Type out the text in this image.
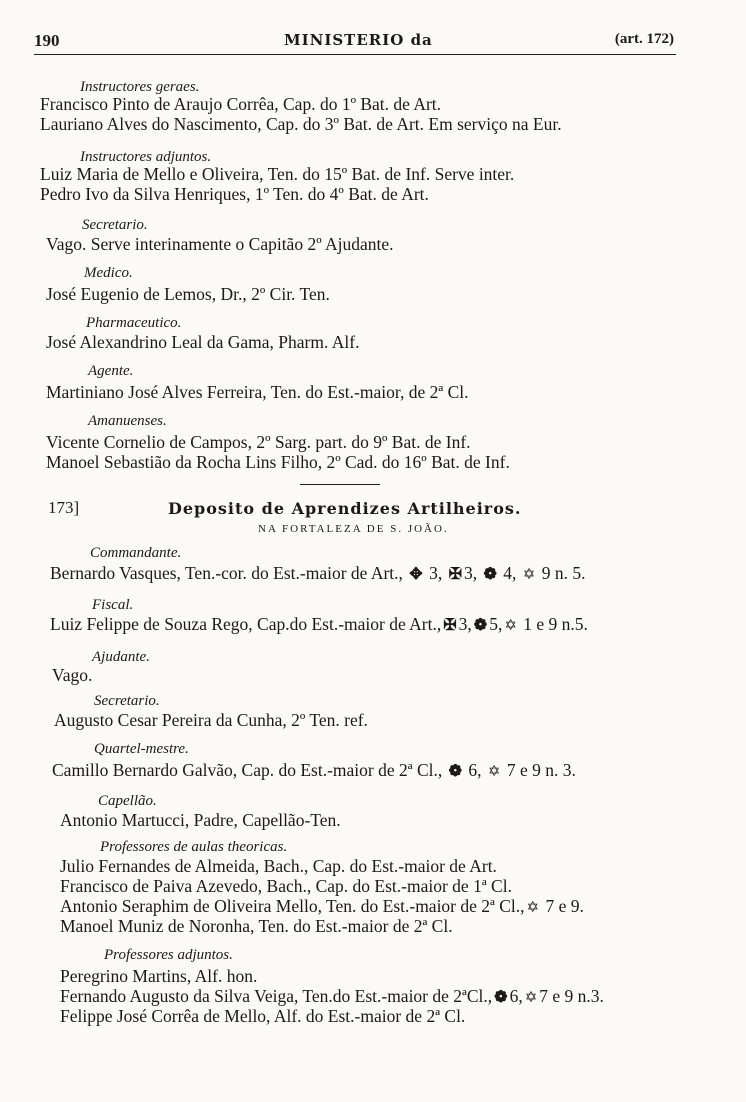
190	MINISTERIO da	(art. 172)
Instructores geraes.
Francisco Pinto de Araujo Corrêa, Cap. do 1º Bat. de Art.
Lauriano Alves do Nascimento, Cap. do 3º Bat. de Art. Em serviço na Eur.
Instructores adjuntos.
Luiz Maria de Mello e Oliveira, Ten. do 15º Bat. de Inf. Serve inter.
Pedro Ivo da Silva Henriques, 1º Ten. do 4º Bat. de Art.
Secretario.
Vago. Serve interinamente o Capitão 2º Ajudante.
Medico.
José Eugenio de Lemos, Dr., 2º Cir. Ten.
Pharmaceutico.
José Alexandrino Leal da Gama, Pharm. Alf.
Agente.
Martiniano José Alves Ferreira, Ten. do Est.-maior, de 2ª Cl.
Amanuenses.
Vicente Cornelio de Campos, 2º Sarg. part. do 9º Bat. de Inf.
Manoel Sebastião da Rocha Lins Filho, 2º Cad. do 16º Bat. de Inf.
173]	Deposito de Aprendizes Artilheiros.
NA FORTALEZA DE S. JOÃO.
Commandante.
Bernardo Vasques, Ten.-cor. do Est.-maior de Art., ✥ 3, ✠ 3, ❁ 4, ✡ 9 n. 5.
Fiscal.
Luiz Felippe de Souza Rego, Cap.do Est.-maior de Art., ✠ 3, ❁ 5, ✡ 1 e 9 n.5.
Ajudante.
Vago.
Secretario.
Augusto Cesar Pereira da Cunha, 2º Ten. ref.
Quartel-mestre.
Camillo Bernardo Galvão, Cap. do Est.-maior de 2ª Cl., ❁ 6, ✡ 7 e 9 n. 3.
Capellão.
Antonio Martucci, Padre, Capellão-Ten.
Professores de aulas theoricas.
Julio Fernandes de Almeida, Bach., Cap. do Est.-maior de Art.
Francisco de Paiva Azevedo, Bach., Cap. do Est.-maior de 1ª Cl.
Antonio Seraphim de Oliveira Mello, Ten. do Est.-maior de 2ª Cl., ✡ 7 e 9.
Manoel Muniz de Noronha, Ten. do Est.-maior de 2ª Cl.
Professores adjuntos.
Peregrino Martins, Alf. hon.
Fernando Augusto da Silva Veiga, Ten.do Est.-maior de 2ªCl., ❁ 6, ✡ 7 e 9 n.3.
Felippe José Corrêa de Mello, Alf. do Est.-maior de 2ª Cl.
